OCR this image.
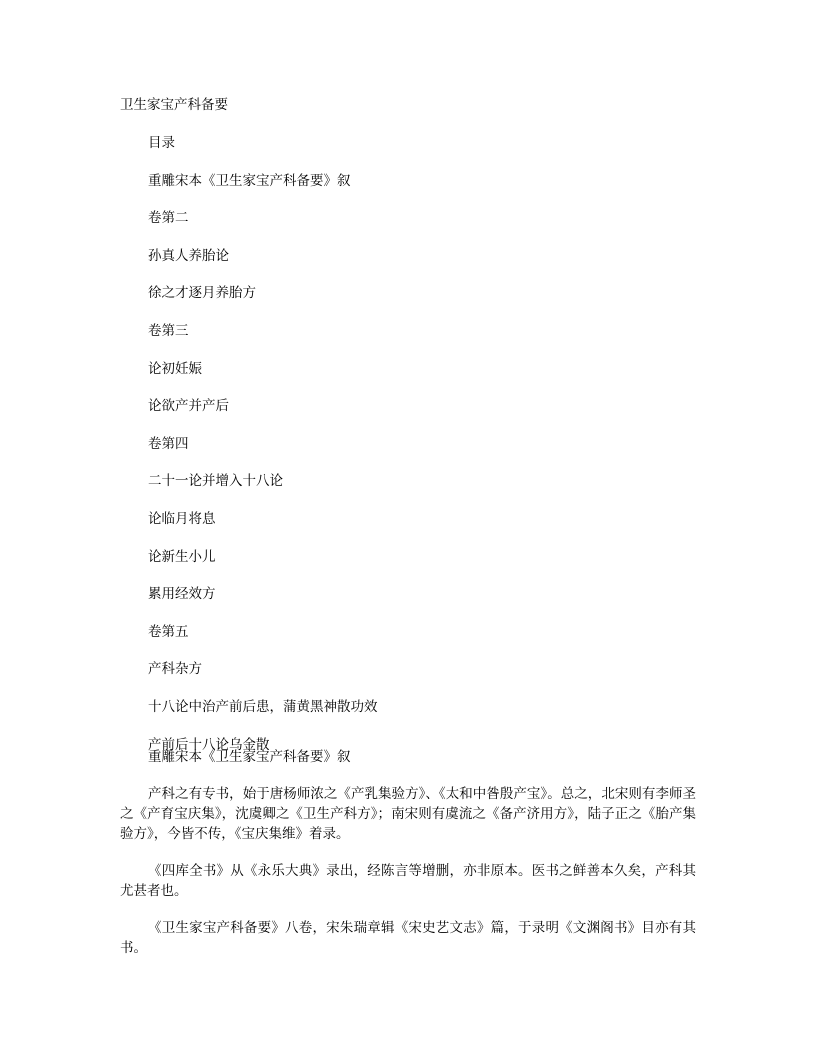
卫生家宝产科备要
目录
重雕宋本《卫生家宝产科备要》叙
卷第二
孙真人养胎论
徐之才逐月养胎方
卷第三
论初妊娠
论欲产并产后
卷第四
二十一论并增入十八论
论临月将息
论新生小儿
累用经效方
卷第五
产科杂方
十八论中治产前后患，蒲黄黑神散功效
产前后十八论乌金散
重雕宋本《卫生家宝产科备要》叙

产科之有专书，始于唐杨师浓之《产乳集验方》、《太和中昝殷产宝》。总之，北宋则有李师圣之《产育宝庆集》，沈虞卿之《卫生产科方》；南宋则有虞流之《备产济用方》，陆子正之《胎产集验方》，今皆不传，《宝庆集维》着录。

《四库全书》从《永乐大典》录出，经陈言等增删，亦非原本。医书之鲜善本久矣，产科其尤甚者也。

《卫生家宝产科备要》八卷，宋朱瑞章辑《宋史艺文志》篇，于录明《文渊阁书》目亦有其书。
